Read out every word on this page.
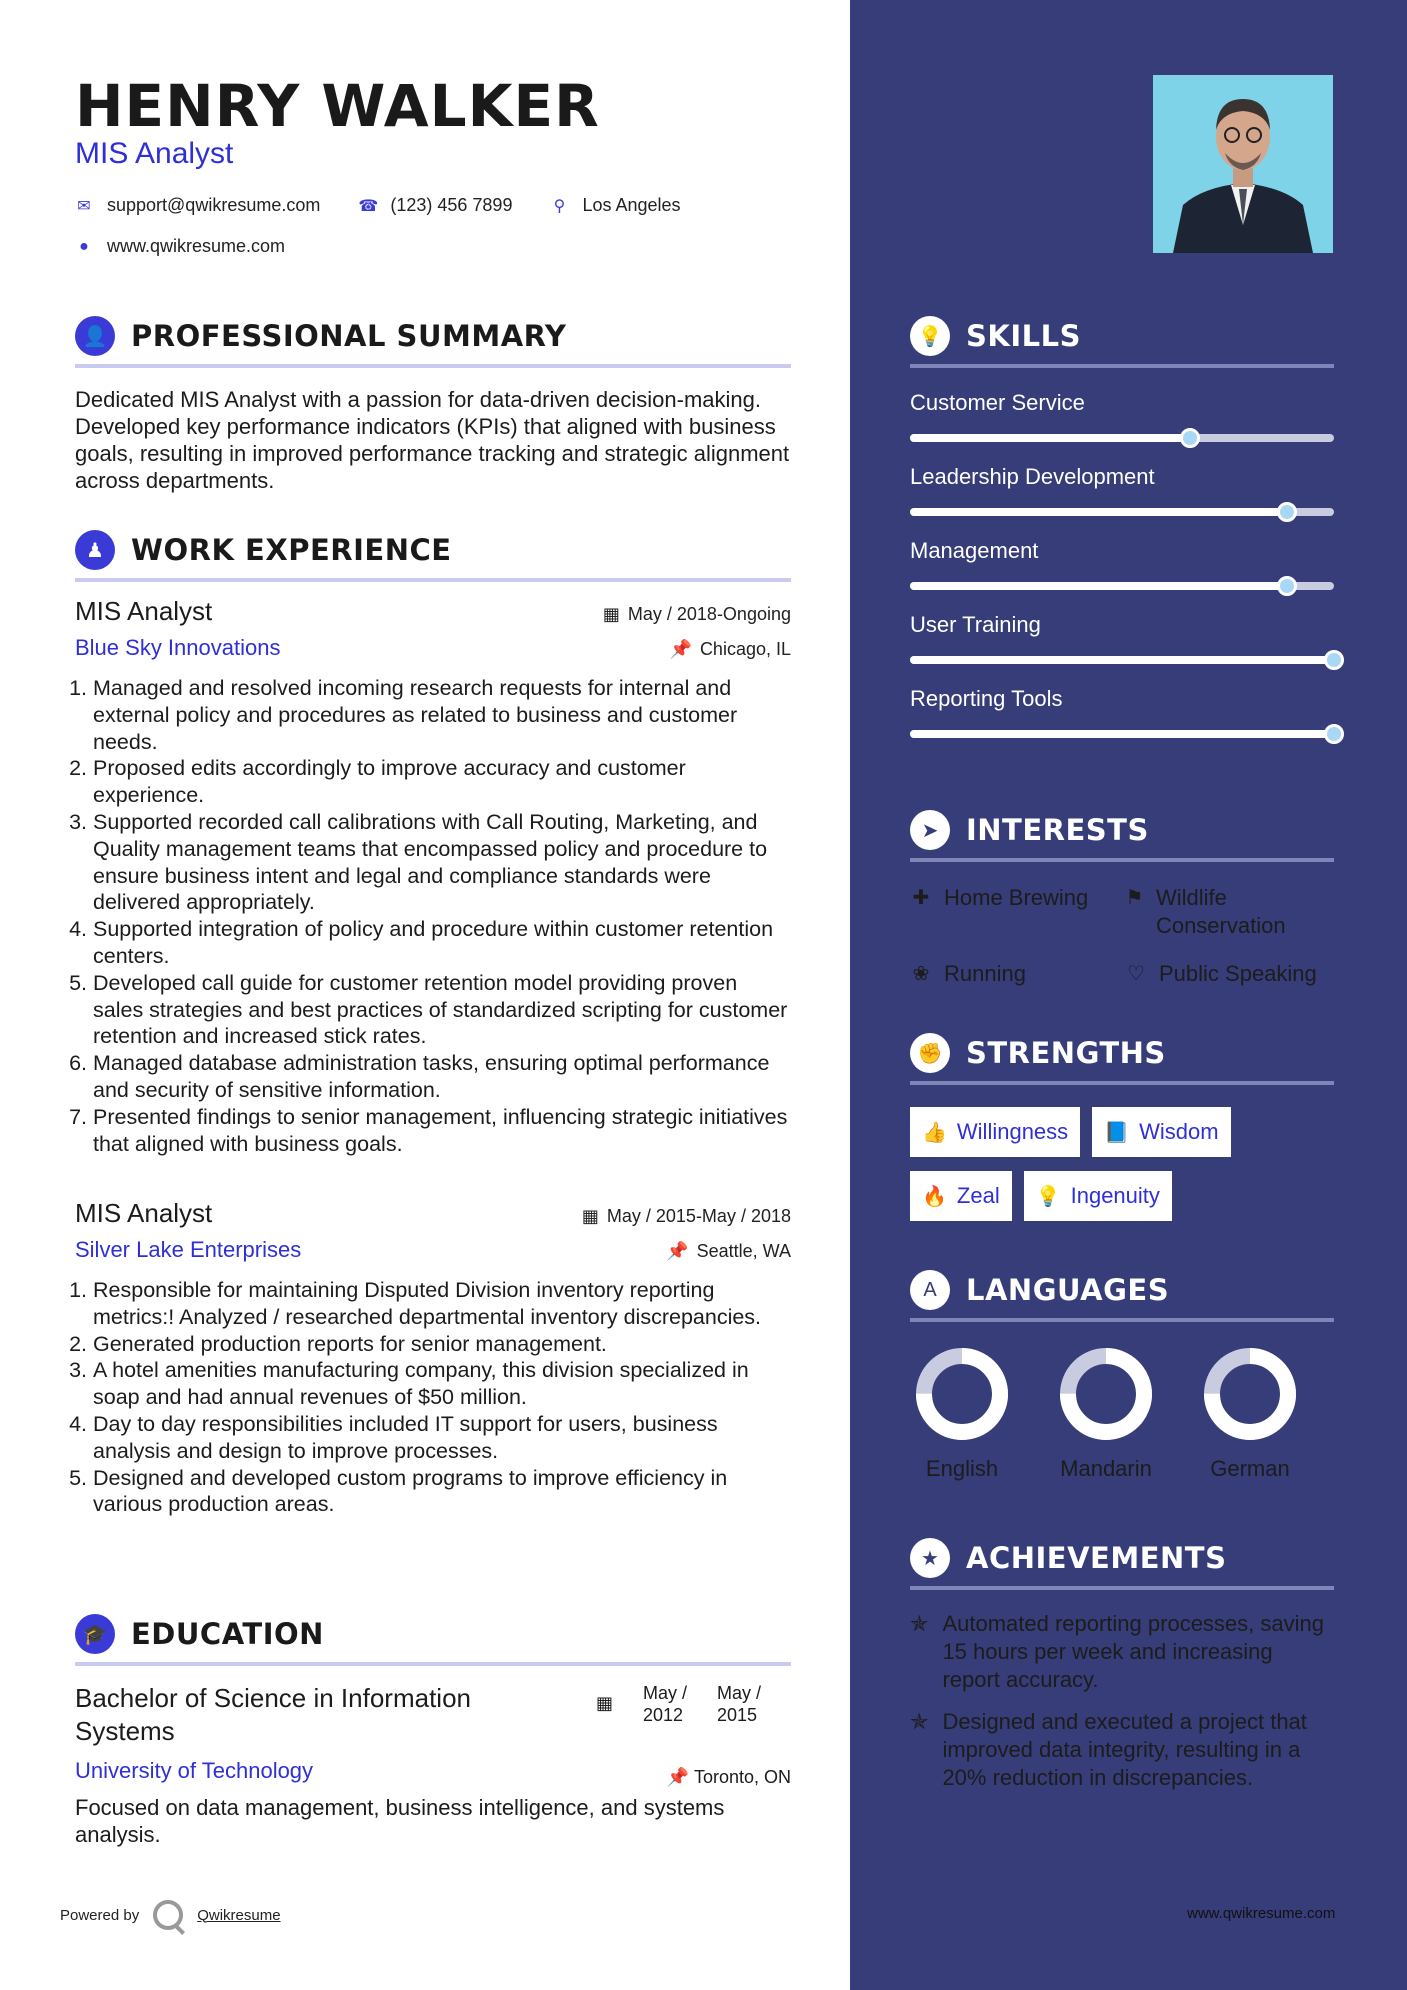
HENRY WALKER
MIS Analyst
✉ support@qwikresume.com ☎ (123) 456 7899	⚲ Los Angeles
● www.qwikresume.com
👤 PROFESSIONAL SUMMARY
Dedicated MIS Analyst with a passion for data-driven decision-making. Developed key performance indicators (KPIs) that aligned with business goals, resulting in improved performance tracking and strategic alignment across departments.
♟ WORK EXPERIENCE
MIS Analyst	▦ May / 2018-Ongoing
Blue Sky Innovations	📌 Chicago, IL
1. Managed and resolved incoming research requests for internal and external policy and procedures as related to business and customer needs.
2. Proposed edits accordingly to improve accuracy and customer experience.
3. Supported recorded call calibrations with Call Routing, Marketing, and Quality management teams that encompassed policy and procedure to ensure business intent and legal and compliance standards were delivered appropriately.
4. Supported integration of policy and procedure within customer retention centers.
5. Developed call guide for customer retention model providing proven sales strategies and best practices of standardized scripting for customer retention and increased stick rates.
6. Managed database administration tasks, ensuring optimal performance and security of sensitive information.
7. Presented findings to senior management, influencing strategic initiatives that aligned with business goals.
MIS Analyst	▦ May / 2015-May / 2018
Silver Lake Enterprises	📌 Seattle, WA
1. Responsible for maintaining Disputed Division inventory reporting metrics:! Analyzed / researched departmental inventory discrepancies.
2. Generated production reports for senior management.
3. A hotel amenities manufacturing company, this division specialized in soap and had annual revenues of $50 million.
4. Day to day responsibilities included IT support for users, business analysis and design to improve processes.
5. Designed and developed custom programs to improve efficiency in various production areas.
🎓 EDUCATION
Bachelor of Science in Information Systems
▦ May /
2012
May /
2015
University of Technology	📌 Toronto, ON
Focused on data management, business intelligence, and systems analysis.
Powered by	Qwikresume
💡 SKILLS
Customer Service
Leadership Development
Management
User Training
Reporting Tools
➤ INTERESTS
✚ Home Brewing ⚑ Wildlife Conservation
❀ Running	♡ Public Speaking
✊ STRENGTHS
👍 Willingness 📘 Wisdom
🔥 Zeal 💡 Ingenuity
A	LANGUAGES
English	Mandarin	German
★ ACHIEVEMENTS
✯ Automated reporting processes, saving 15 hours per week and increasing report accuracy.
✯ Designed and executed a project that improved data integrity, resulting in a 20% reduction in discrepancies.
www.qwikresume.com
